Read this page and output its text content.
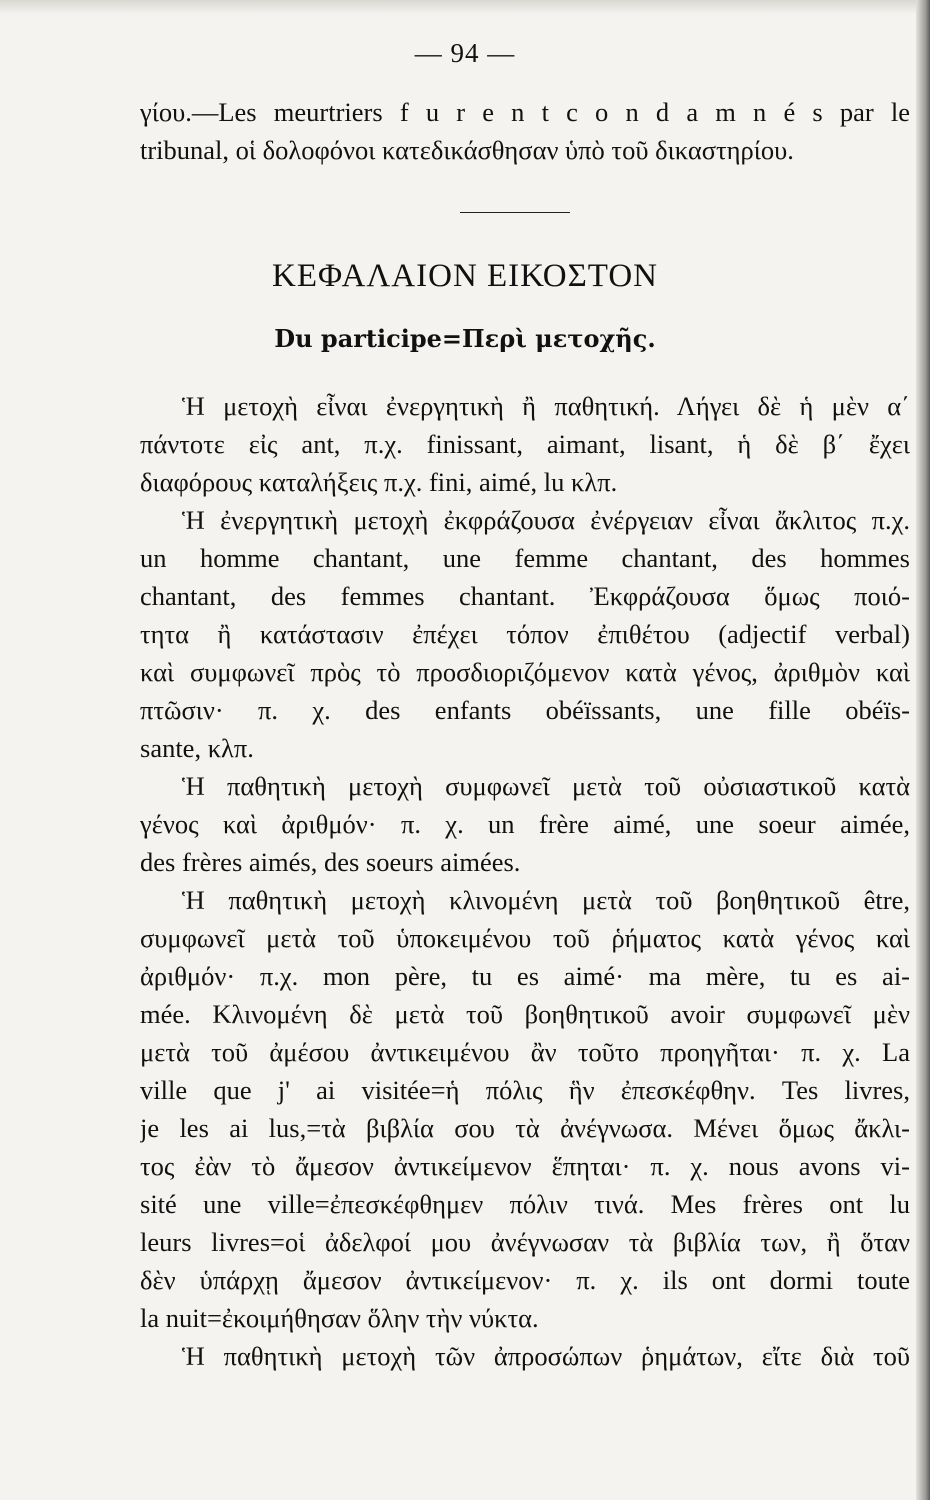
— 94 —
γίου.—Les meurtriers f u r e n t c o n d a m n é s par le
tribunal, οἱ δολοφόνοι κατεδικάσθησαν ὑπὸ τοῦ δικαστηρίου.
ΚΕΦΑΛΑΙΟΝ ΕΙΚΟΣΤΟΝ
Du participe=Περὶ μετοχῆς.
Ἡ μετοχὴ εἶναι ἐνεργητικὴ ἢ παθητική. Λήγει δὲ ἡ μὲν α΄
πάντοτε εἰς ant, π.χ. finissant, aimant, lisant, ἡ δὲ β΄ ἔχει
διαφόρους καταλήξεις π.χ. fini, aimé, lu κλπ.
Ἡ ἐνεργητικὴ μετοχὴ ἐκφράζουσα ἐνέργειαν εἶναι ἄκλιτος π.χ.
un homme chantant, une femme chantant, des hommes
chantant, des femmes chantant. Ἐκφράζουσα ὅμως ποιό-
τητα ἢ κατάστασιν ἐπέχει τόπον ἐπιθέτου (adjectif verbal)
καὶ συμφωνεῖ πρὸς τὸ προσδιοριζόμενον κατὰ γένος, ἀριθμὸν καὶ
πτῶσιν· π. χ. des enfants obéïssants, une fille obéïs-
sante, κλπ.
Ἡ παθητικὴ μετοχὴ συμφωνεῖ μετὰ τοῦ οὐσιαστικοῦ κατὰ
γένος καὶ ἀριθμόν· π. χ. un frère aimé, une soeur aimée,
des frères aimés, des soeurs aimées.
Ἡ παθητικὴ μετοχὴ κλινομένη μετὰ τοῦ βοηθητικοῦ être,
συμφωνεῖ μετὰ τοῦ ὑποκειμένου τοῦ ῥήματος κατὰ γένος καὶ
ἀριθμόν· π.χ. mon père, tu es aimé· ma mère, tu es ai-
mée. Κλινομένη δὲ μετὰ τοῦ βοηθητικοῦ avoir συμφωνεῖ μὲν
μετὰ τοῦ ἀμέσου ἀντικειμένου ἂν τοῦτο προηγῆται· π. χ. La
ville que j' ai visitée=ἡ πόλις ἣν ἐπεσκέφθην. Tes livres,
je les ai lus,=τὰ βιβλία σου τὰ ἀνέγνωσα. Μένει ὅμως ἄκλι-
τος ἐὰν τὸ ἄμεσον ἀντικείμενον ἕπηται· π. χ. nous avons vi-
sité une ville=ἐπεσκέφθημεν πόλιν τινά. Mes frères ont lu
leurs livres=οἱ ἀδελφοί μου ἀνέγνωσαν τὰ βιβλία των, ἢ ὅταν
δὲν ὑπάρχῃ ἄμεσον ἀντικείμενον· π. χ. ils ont dormi toute
la nuit=ἐκοιμήθησαν ὅλην τὴν νύκτα.
Ἡ παθητικὴ μετοχὴ τῶν ἀπροσώπων ῥημάτων, εἴτε διὰ τοῦ
